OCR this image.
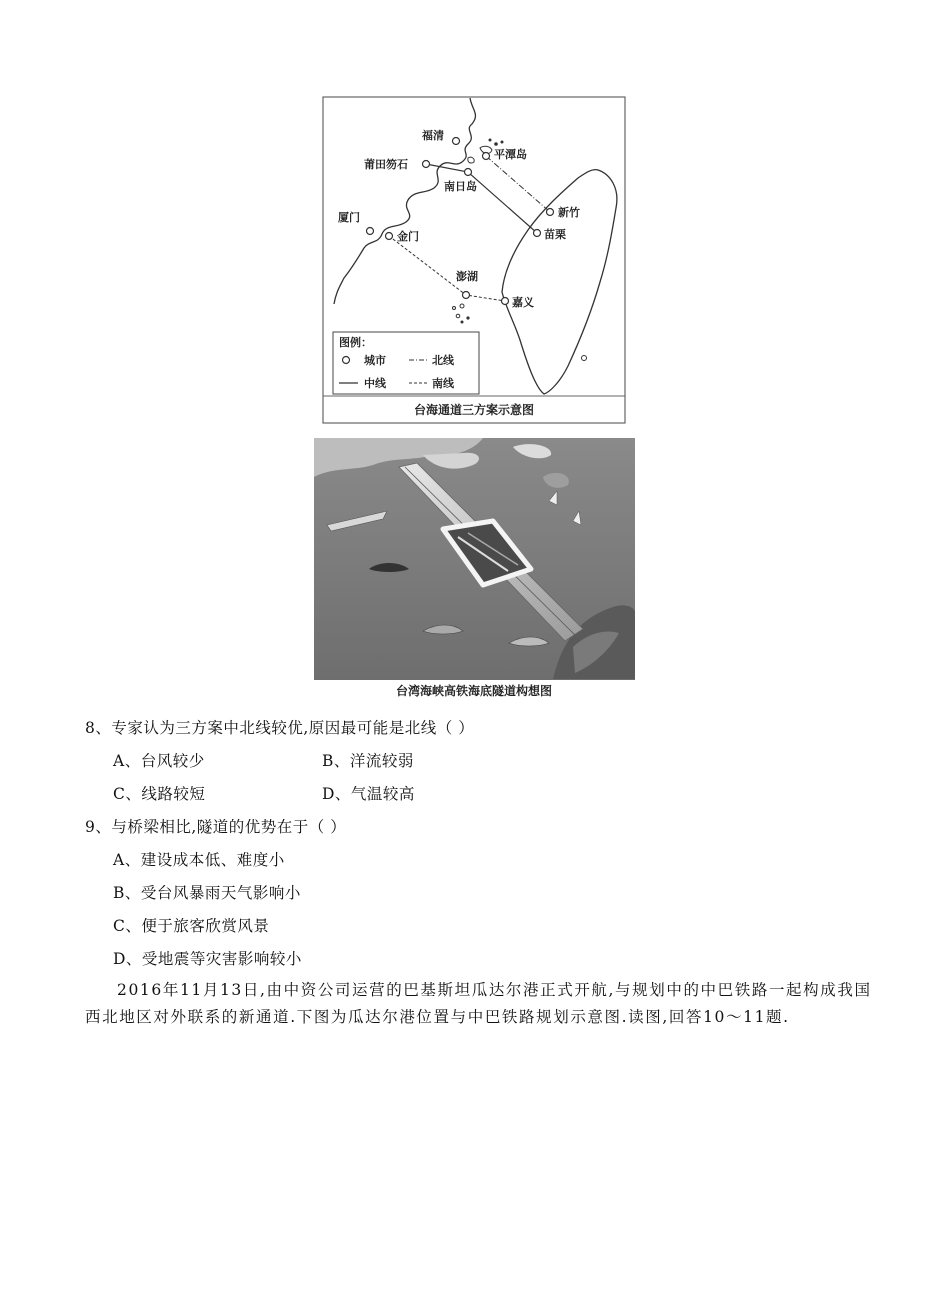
福清
平潭岛
莆田笏石
南日岛
厦门
金门
新竹
苗栗
澎湖
嘉义
图例：
城市	北线
中线	南线
台海通道三方案示意图
台湾海峡高铁海底隧道构想图
8、专家认为三方案中北线较优,原因最可能是北线（ ）
A、台风较少	B、洋流较弱
C、线路较短	D、气温较高
9、与桥梁相比,隧道的优势在于（ ）
A、建设成本低、难度小
B、受台风暴雨天气影响小
C、便于旅客欣赏风景
D、受地震等灾害影响较小

2016年11月13日,由中资公司运营的巴基斯坦瓜达尔港正式开航,与规划中的中巴铁路一起构成我国西北地区对外联系的新通道.下图为瓜达尔港位置与中巴铁路规划示意图.读图,回答10～11题.
